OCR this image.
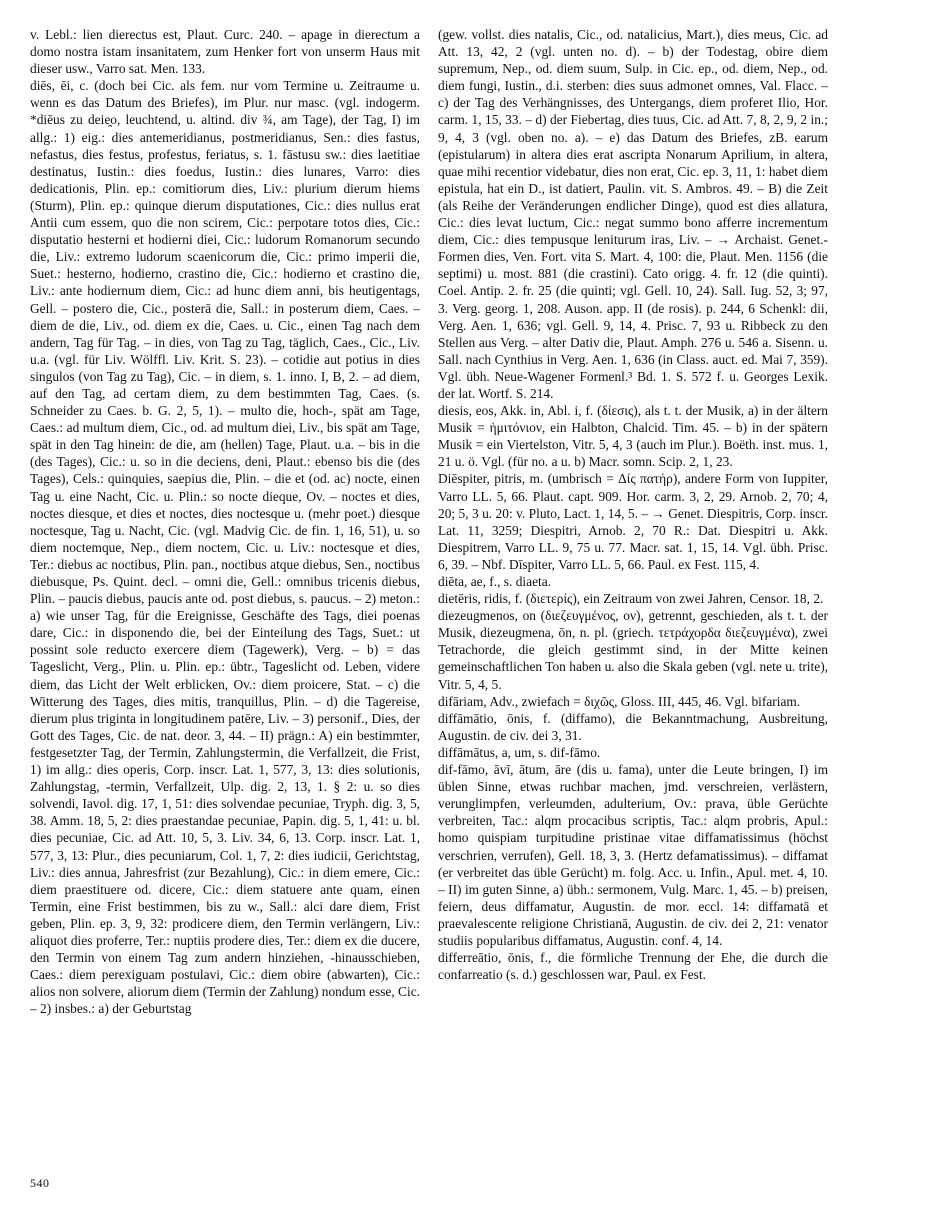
v. Lebl.: lien dierectus est, Plaut. Curc. 240. – apage in dierectum a domo nostra istam insanitatem, zum Henker fort von unserm Haus mit dieser usw., Varro sat. Men. 133.

diēs, ēi, c. (doch bei Cic. als fem. nur vom Termine u. Zeitraume u. wenn es das Datum des Briefes), im Plur. nur masc. (vgl. indogerm. *diēus zu deie̯o, leuchtend, u. altind. div ¾, am Tage), der Tag, I) im allg.: 1) eig.: dies antemeridianus, postmeridianus, Sen.: dies fastus, nefastus, dies festus, profestus, feriatus, s. 1. fāstusu sw.: dies laetitiae destinatus, Iustin.: dies foedus, Iustin.: dies lunares, Varro: dies dedicationis, Plin. ep.: comitiorum dies, Liv.: plurium dierum hiems (Sturm), Plin. ep.: quinque dierum disputationes, Cic.: dies nullus erat Antii cum essem, quo die non scirem, Cic.: perpotare totos dies, Cic.: disputatio hesterni et hodierni diei, Cic.: ludorum Romanorum secundo die, Liv.: extremo ludorum scaenicorum die, Cic.: primo imperii die, Suet.: hesterno, hodierno, crastino die, Cic.: hodierno et crastino die, Liv.: ante hodiernum diem, Cic.: ad hunc diem anni, bis heutigentags, Gell. – postero die, Cic., posterā die, Sall.: in posterum diem, Caes. – diem de die, Liv., od. diem ex die, Caes. u. Cic., einen Tag nach dem andern, Tag für Tag. – in dies, von Tag zu Tag, täglich, Caes., Cic., Liv. u.a. (vgl. für Liv. Wölffl. Liv. Krit. S. 23). – cotidie aut potius in dies singulos (von Tag zu Tag), Cic. – in diem, s. 1. inno. I, B, 2. – ad diem, auf den Tag, ad certam diem, zu dem bestimmten Tag, Caes. (s. Schneider zu Caes. b. G. 2, 5, 1). – multo die, hoch-, spät am Tage, Caes.: ad multum diem, Cic., od. ad multum diei, Liv., bis spät am Tage, spät in den Tag hinein: de die, am (hellen) Tage, Plaut. u.a. – bis in die (des Tages), Cic.: u. so in die deciens, deni, Plaut.: ebenso bis die (des Tages), Cels.: quinquies, saepius die, Plin. – die et (od. ac) nocte, einen Tag u. eine Nacht, Cic. u. Plin.: so nocte dieque, Ov. – noctes et dies, noctes diesque, et dies et noctes, dies noctesque u. (mehr poet.) diesque noctesque, Tag u. Nacht, Cic. (vgl. Madvig Cic. de fin. 1, 16, 51), u. so diem noctemque, Nep., diem noctem, Cic. u. Liv.: noctesque et dies, Ter.: diebus ac noctibus, Plin. pan., noctibus atque diebus, Sen., noctibus diebusque, Ps. Quint. decl. – omni die, Gell.: omnibus tricenis diebus, Plin. – paucis diebus, paucis ante od. post diebus, s. paucus. – 2) meton.: a) wie unser Tag, für die Ereignisse, Geschäfte des Tags, diei poenas dare, Cic.: in disponendo die, bei der Einteilung des Tags, Suet.: ut possint sole reducto exercere diem (Tagewerk), Verg. – b) = das Tageslicht, Verg., Plin. u. Plin. ep.: übtr., Tageslicht od. Leben, videre diem, das Licht der Welt erblicken, Ov.: diem proicere, Stat. – c) die Witterung des Tages, dies mitis, tranquillus, Plin. – d) die Tagereise, dierum plus triginta in longitudinem patēre, Liv. – 3) personif., Dies, der Gott des Tages, Cic. de nat. deor. 3, 44. – II) prägn.: A) ein bestimmter, festgesetzter Tag, der Termin, Zahlungstermin, die Verfallzeit, die Frist, 1) im allg.: dies operis, Corp. inscr. Lat. 1, 577, 3, 13: dies solutionis, Zahlungstag, -termin, Verfallzeit, Ulp. dig. 2, 13, 1. § 2: u. so dies solvendi, Iavol. dig. 17, 1, 51: dies solvendae pecuniae, Tryph. dig. 3, 5, 38. Amm. 18, 5, 2: dies praestandae pecuniae, Papin. dig. 5, 1, 41: u. bl. dies pecuniae, Cic. ad Att. 10, 5, 3. Liv. 34, 6, 13. Corp. inscr. Lat. 1, 577, 3, 13: Plur., dies pecuniarum, Col. 1, 7, 2: dies iudicii, Gerichtstag, Liv.: dies annua, Jahresfrist (zur Bezahlung), Cic.: in diem emere, Cic.: diem praestituere od. dicere, Cic.: diem statuere ante quam, einen Termin, eine Frist bestimmen, bis zu w., Sall.: alci dare diem, Frist geben, Plin. ep. 3, 9, 32: prodicere diem, den Termin verlängern, Liv.: aliquot dies proferre, Ter.: nuptiis prodere dies, Ter.: diem ex die ducere, den Termin von einem Tag zum andern hinziehen, -hinausschieben, Caes.: diem perexiguam postulavi, Cic.: diem obire (abwarten), Cic.: alios non solvere, aliorum diem (Termin der Zahlung) nondum esse, Cic. – 2) insbes.: a) der Geburtstag

(gew. vollst. dies natalis, Cic., od. natalicius, Mart.), dies meus, Cic. ad Att. 13, 42, 2 (vgl. unten no. d). – b) der Todestag, obire diem supremum, Nep., od. diem suum, Sulp. in Cic. ep., od. diem, Nep., od. diem fungi, Iustin., d.i. sterben: dies suus admonet omnes, Val. Flacc. – c) der Tag des Verhängnisses, des Untergangs, diem proferet Ilio, Hor. carm. 1, 15, 33. – d) der Fiebertag, dies tuus, Cic. ad Att. 7, 8, 2, 9, 2 in.; 9, 4, 3 (vgl. oben no. a). – e) das Datum des Briefes, zB. earum (epistularum) in altera dies erat ascripta Nonarum Aprilium, in altera, quae mihi recentior videbatur, dies non erat, Cic. ep. 3, 11, 1: habet diem epistula, hat ein D., ist datiert, Paulin. vit. S. Ambros. 49. – B) die Zeit (als Reihe der Veränderungen endlicher Dinge), quod est dies allatura, Cic.: dies levat luctum, Cic.: negat summo bono afferre incrementum diem, Cic.: dies tempusque leniturum iras, Liv. – → Archaist. Genet.-Formen dies, Ven. Fort. vita S. Mart. 4, 100: die, Plaut. Men. 1156 (die septimi) u. most. 881 (die crastini). Cato origg. 4. fr. 12 (die quinti). Coel. Antip. 2. fr. 25 (die quinti; vgl. Gell. 10, 24). Sall. Iug. 52, 3; 97, 3. Verg. georg. 1, 208. Auson. app. II (de rosis). p. 244, 6 Schenkl: dii, Verg. Aen. 1, 636; vgl. Gell. 9, 14, 4. Prisc. 7, 93 u. Ribbeck zu den Stellen aus Verg. – alter Dativ die, Plaut. Amph. 276 u. 546 a. Sisenn. u. Sall. nach Cynthius in Verg. Aen. 1, 636 (in Class. auct. ed. Mai 7, 359). Vgl. übh. Neue-Wagener Formenl.³ Bd. 1. S. 572 f. u. Georges Lexik. der lat. Wortf. S. 214.

diesis, eos, Akk. in, Abl. i, f. (δίεσις), als t. t. der Musik, a) in der ältern Musik = ἡμιτόνιον, ein Halbton, Chalcid. Tim. 45. – b) in der spätern Musik = ein Viertelston, Vitr. 5, 4, 3 (auch im Plur.). Boëth. inst. mus. 1, 21 u. ö. Vgl. (für no. a u. b) Macr. somn. Scip. 2, 1, 23.

Diēspiter, pitris, m. (umbrisch = Δίς πατήρ), andere Form von Iuppiter, Varro LL. 5, 66. Plaut. capt. 909. Hor. carm. 3, 2, 29. Arnob. 2, 70; 4, 20; 5, 3 u. 20: v. Pluto, Lact. 1, 14, 5. – → Genet. Diespitris, Corp. inscr. Lat. 11, 3259; Diespitri, Arnob. 2, 70 R.: Dat. Diespitri u. Akk. Diespitrem, Varro LL. 9, 75 u. 77. Macr. sat. 1, 15, 14. Vgl. übh. Prisc. 6, 39. – Nbf. Dīspiter, Varro LL. 5, 66. Paul. ex Fest. 115, 4.

diēta, ae, f., s. diaeta.

dietēris, ridis, f. (διετερίς), ein Zeitraum von zwei Jahren, Censor. 18, 2.

diezeugmenos, on (διεζευγμένος, ον), getrennt, geschieden, als t. t. der Musik, diezeugmena, ōn, n. pl. (griech. τετράχορδα διεζευγμένα), zwei Tetrachorde, die gleich gestimmt sind, in der Mitte keinen gemeinschaftlichen Ton haben u. also die Skala geben (vgl. nete u. trite), Vitr. 5, 4, 5.

difāriam, Adv., zwiefach = διχῶς, Gloss. III, 445, 46. Vgl. bifariam.

diffāmātio, ōnis, f. (diffamo), die Bekanntmachung, Ausbreitung, Augustin. de civ. dei 3, 31.

diffāmātus, a, um, s. dif-fāmo.

dif-fāmo, āvī, ātum, āre (dis u. fama), unter die Leute bringen, I) im üblen Sinne, etwas ruchbar machen, jmd. verschreien, verlästern, verunglimpfen, verleumden, adulterium, Ov.: prava, üble Gerüchte verbreiten, Tac.: alqm procacibus scriptis, Tac.: alqm probris, Apul.: homo quispiam turpitudine pristinae vitae diffamatissimus (höchst verschrien, verrufen), Gell. 18, 3, 3. (Hertz defamatissimus). – diffamat (er verbreitet das üble Gerücht) m. folg. Acc. u. Infin., Apul. met. 4, 10. – II) im guten Sinne, a) übh.: sermonem, Vulg. Marc. 1, 45. – b) preisen, feiern, deus diffamatur, Augustin. de mor. eccl. 14: diffamatā et praevalescente religione Christianā, Augustin. de civ. dei 2, 21: venator studiis popularibus diffamatus, Augustin. conf. 4, 14.

differreātio, ōnis, f., die förmliche Trennung der Ehe, die durch die confarreatio (s. d.) geschlossen war, Paul. ex Fest.

540
